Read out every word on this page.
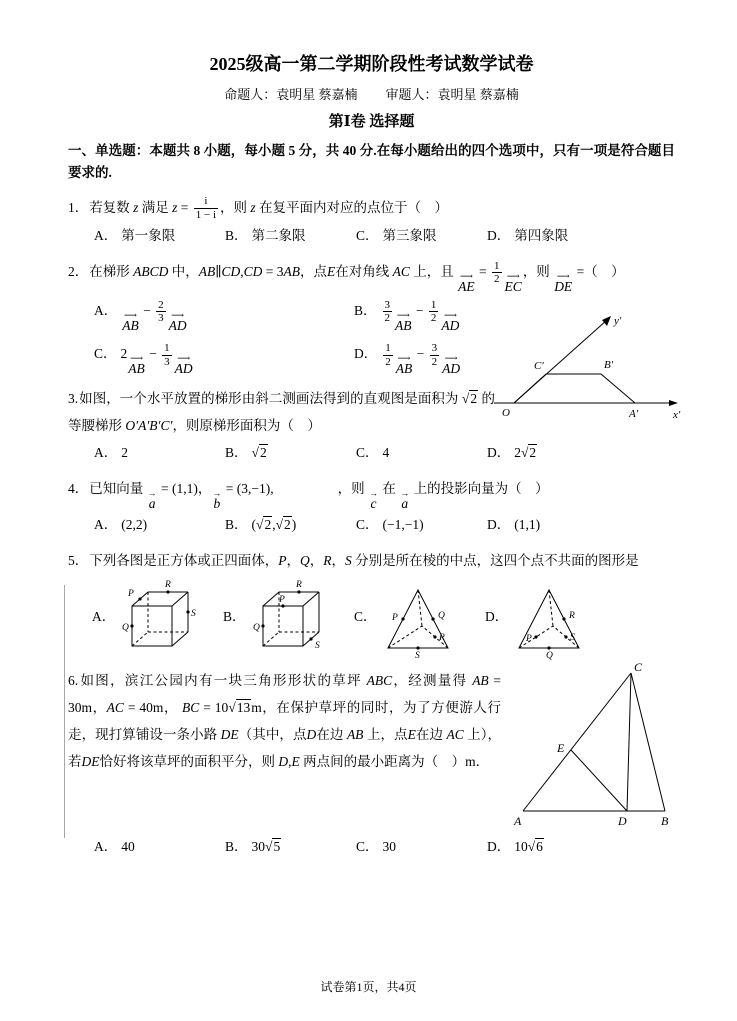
2025级高一第二学期阶段性考试数学试卷
命题人：袁明星 蔡嘉楠 审题人：袁明星 蔡嘉楠
第Ⅰ卷 选择题

一、单选题：本题共 8 小题，每小题 5 分，共 40 分.在每小题给出的四个选项中，只有一项是符合题目要求的.

1．若复数 z 满足 $z = \frac{i}{1 - i}$ ，则 z 在复平面内对应的点位于（　）
A． 第一象限	B． 第二象限	C． 第三象限	D． 第四象限
2．在梯形 ABCD 中，AB∥CD,CD = 3AB，点E在对角线 AC 上，且 ⟶
AE
= $\frac{1}{2}$ ⟶
EC
，则 ⟶
DE
=（　）
A． ⟶
AB
− $\frac{2}{3}$ ⟶
AD
B． $\frac{3}{2}$ ⟶
AB
− $\frac{1}{2}$ ⟶
AD
C． 2 ⟶
AB
− $\frac{1}{3}$ ⟶
AD
D． $\frac{1}{2}$ ⟶
AB
− $\frac{3}{2}$ ⟶
AD
y′
x′
O
C′	B′
A′
3.如图，一个水平放置的梯形由斜二测画法得到的直观图是面积为 √2 的等腰梯形 O′A′B′C′，则原梯形面积为（　）
A． 2	B． √2	C． 4	D． 2√2
4．已知向量 →
a
= (1,1)， →
b
= (3,−1),	，则 →
c
在 →
a
上的投影向量为（　）
A． (2,2)	B． (√2,√2)	C． (−1,−1)	D． (1,1)
5．下列各图是正方体或正四面体，P，Q，R，S 分别是所在棱的中点，这四个点不共面的图形是
A．
P
Q
R
S B．
P
Q
R
S
C． P	Q
R
S
D．
P
Q
R
S
A	B
C
D
E
6.如图，滨江公园内有一块三角形形状的草坪 ABC，经测量得 AB = 30m，AC = 40m， BC = 10√13m，在保护草坪的同时，为了方便游人行走，现打算铺设一条小路 DE（其中，点D在边 AB 上，点E在边 AC 上），若DE恰好将该草坪的面积平分，则 D,E 两点间的最小距离为（　）m．
A． 40	B． 30√5	C． 30	D． 10√6
试卷第1页，共4页
